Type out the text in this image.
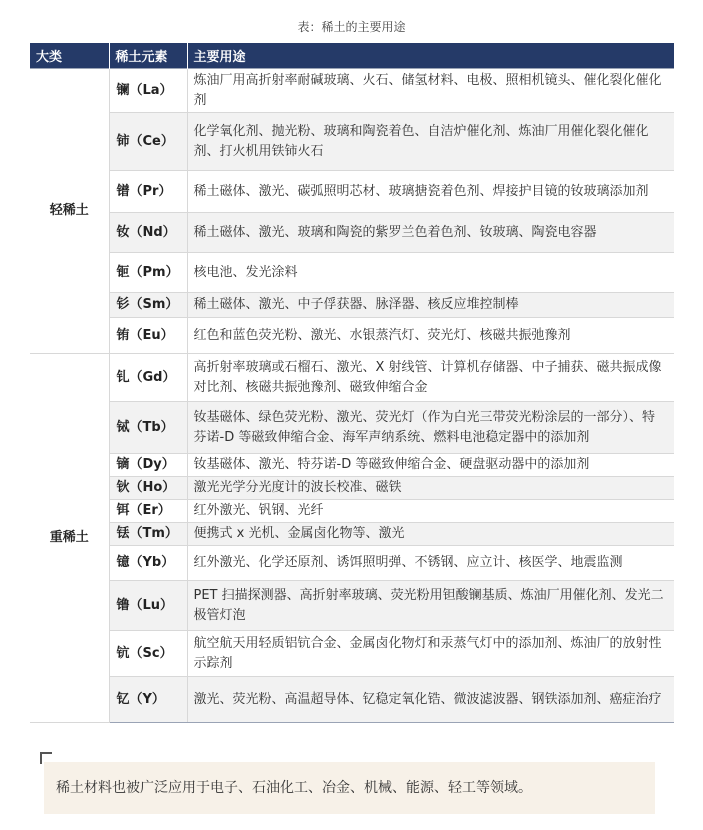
表：稀土的主要用途
大类	稀土元素	主要用途
轻稀土	镧（La）	炼油厂用高折射率耐碱玻璃、火石、储氢材料、电极、照相机镜头、催化裂化催化剂
	铈（Ce）	化学氧化剂、抛光粉、玻璃和陶瓷着色、自洁炉催化剂、炼油厂用催化裂化催化剂、打火机用铁铈火石
	镨（Pr）	稀土磁体、激光、碳弧照明芯材、玻璃搪瓷着色剂、焊接护目镜的钕玻璃添加剂
	钕（Nd）	稀土磁体、激光、玻璃和陶瓷的紫罗兰色着色剂、钕玻璃、陶瓷电容器
	钷（Pm）	核电池、发光涂料
	钐（Sm）	稀土磁体、激光、中子俘获器、脉泽器、核反应堆控制棒
	铕（Eu）	红色和蓝色荧光粉、激光、水银蒸汽灯、荧光灯、核磁共振弛豫剂
重稀土	钆（Gd）	高折射率玻璃或石榴石、激光、X 射线管、计算机存储器、中子捕获、磁共振成像对比剂、核磁共振弛豫剂、磁致伸缩合金
	铽（Tb）	钕基磁体、绿色荧光粉、激光、荧光灯（作为白光三带荧光粉涂层的一部分）、特芬诺-D 等磁致伸缩合金、海军声纳系统、燃料电池稳定器中的添加剂
	镝（Dy）	钕基磁体、激光、特芬诺-D 等磁致伸缩合金、硬盘驱动器中的添加剂
	钬（Ho）	激光光学分光度计的波长校准、磁铁
	铒（Er）	红外激光、钒钢、光纤
	铥（Tm）	便携式 x 光机、金属卤化物等、激光
	镱（Yb）	红外激光、化学还原剂、诱饵照明弹、不锈钢、应立计、核医学、地震监测
	镥（Lu）	PET 扫描探测器、高折射率玻璃、荧光粉用钽酸镧基质、炼油厂用催化剂、发光二极管灯泡
	钪（Sc）	航空航天用轻质铝钪合金、金属卤化物灯和汞蒸气灯中的添加剂、炼油厂的放射性示踪剂
	钇（Y）	激光、荧光粉、高温超导体、钇稳定氧化锆、微波滤波器、钢铁添加剂、癌症治疗
稀土材料也被广泛应用于电子、石油化工、冶金、机械、能源、轻工等领域。
